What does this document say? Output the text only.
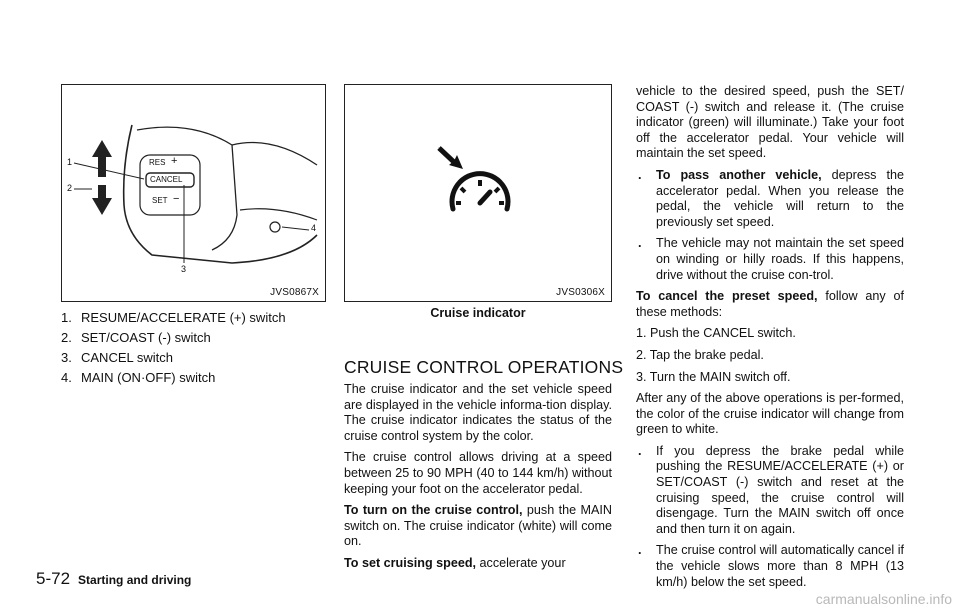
RES +
CANCEL
SET −
1
2
3
4
JVS0867X
1. RESUME/ACCELERATE (+) switch
2. SET/COAST (-) switch
3. CANCEL switch
4. MAIN (ON·OFF) switch
JVS0306X
Cruise indicator
CRUISE CONTROL OPERATIONS

The cruise indicator and the set vehicle speed are displayed in the vehicle informa-tion display. The cruise indicator indicates the status of the cruise control system by the color.

The cruise control allows driving at a speed between 25 to 90 MPH (40 to 144 km/h) without keeping your foot on the accelerator pedal.

To turn on the cruise control, push the MAIN switch on. The cruise indicator (white) will come on.

To set cruising speed, accelerate your

vehicle to the desired speed, push the SET/ COAST (-) switch and release it. (The cruise indicator (green) will illuminate.) Take your foot off the accelerator pedal. Your vehicle will maintain the set speed.

. To pass another vehicle, depress the accelerator pedal. When you release the pedal, the vehicle will return to the previously set speed.

. The vehicle may not maintain the set speed on winding or hilly roads. If this happens, drive without the cruise con-trol.

To cancel the preset speed, follow any of these methods:

1. Push the CANCEL switch.

2. Tap the brake pedal.

3. Turn the MAIN switch off.

After any of the above operations is per-formed, the color of the cruise indicator will change from green to white.

. If you depress the brake pedal while pushing the RESUME/ACCELERATE (+) or SET/COAST (-) switch and reset at the cruising speed, the cruise control will disengage. Turn the MAIN switch off once and then turn it on again.

. The cruise control will automatically cancel if the vehicle slows more than 8 MPH (13 km/h) below the set speed.

5-72 Starting and driving
carmanualsonline.info
